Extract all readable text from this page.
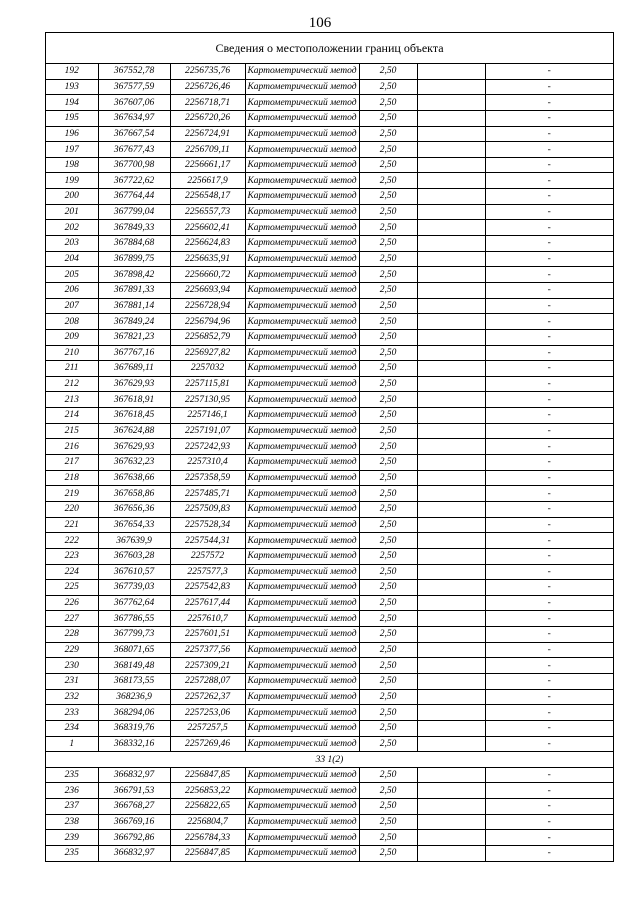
106
Сведения о местоположении границ объекта
192	367552,78	2256735,76	Картометрический метод	2,50		-
193	367577,59	2256726,46	Картометрический метод	2,50		-
194	367607,06	2256718,71	Картометрический метод	2,50		-
195	367634,97	2256720,26	Картометрический метод	2,50		-
196	367667,54	2256724,91	Картометрический метод	2,50		-
197	367677,43	2256709,11	Картометрический метод	2,50		-
198	367700,98	2256661,17	Картометрический метод	2,50		-
199	367722,62	2256617,9	Картометрический метод	2,50		-
200	367764,44	2256548,17	Картометрический метод	2,50		-
201	367799,04	2256557,73	Картометрический метод	2,50		-
202	367849,33	2256602,41	Картометрический метод	2,50		-
203	367884,68	2256624,83	Картометрический метод	2,50		-
204	367899,75	2256635,91	Картометрический метод	2,50		-
205	367898,42	2256660,72	Картометрический метод	2,50		-
206	367891,33	2256693,94	Картометрический метод	2,50		-
207	367881,14	2256728,94	Картометрический метод	2,50		-
208	367849,24	2256794,96	Картометрический метод	2,50		-
209	367821,23	2256852,79	Картометрический метод	2,50		-
210	367767,16	2256927,82	Картометрический метод	2,50		-
211	367689,11	2257032	Картометрический метод	2,50		-
212	367629,93	2257115,81	Картометрический метод	2,50		-
213	367618,91	2257130,95	Картометрический метод	2,50		-
214	367618,45	2257146,1	Картометрический метод	2,50		-
215	367624,88	2257191,07	Картометрический метод	2,50		-
216	367629,93	2257242,93	Картометрический метод	2,50		-
217	367632,23	2257310,4	Картометрический метод	2,50		-
218	367638,66	2257358,59	Картометрический метод	2,50		-
219	367658,86	2257485,71	Картометрический метод	2,50		-
220	367656,36	2257509,83	Картометрический метод	2,50		-
221	367654,33	2257528,34	Картометрический метод	2,50		-
222	367639,9	2257544,31	Картометрический метод	2,50		-
223	367603,28	2257572	Картометрический метод	2,50		-
224	367610,57	2257577,3	Картометрический метод	2,50		-
225	367739,03	2257542,83	Картометрический метод	2,50		-
226	367762,64	2257617,44	Картометрический метод	2,50		-
227	367786,55	2257610,7	Картометрический метод	2,50		-
228	367799,73	2257601,51	Картометрический метод	2,50		-
229	368071,65	2257377,56	Картометрический метод	2,50		-
230	368149,48	2257309,21	Картометрический метод	2,50		-
231	368173,55	2257288,07	Картометрический метод	2,50		-
232	368236,9	2257262,37	Картометрический метод	2,50		-
233	368294,06	2257253,06	Картометрический метод	2,50		-
234	368319,76	2257257,5	Картометрический метод	2,50		-
1	368332,16	2257269,46	Картометрический метод	2,50		-
33 1(2)						
235	366832,97	2256847,85	Картометрический метод	2,50		-
236	366791,53	2256853,22	Картометрический метод	2,50		-
237	366768,27	2256822,65	Картометрический метод	2,50		-
238	366769,16	2256804,7	Картометрический метод	2,50		-
239	366792,86	2256784,33	Картометрический метод	2,50		-
235	366832,97	2256847,85	Картометрический метод	2,50		-
